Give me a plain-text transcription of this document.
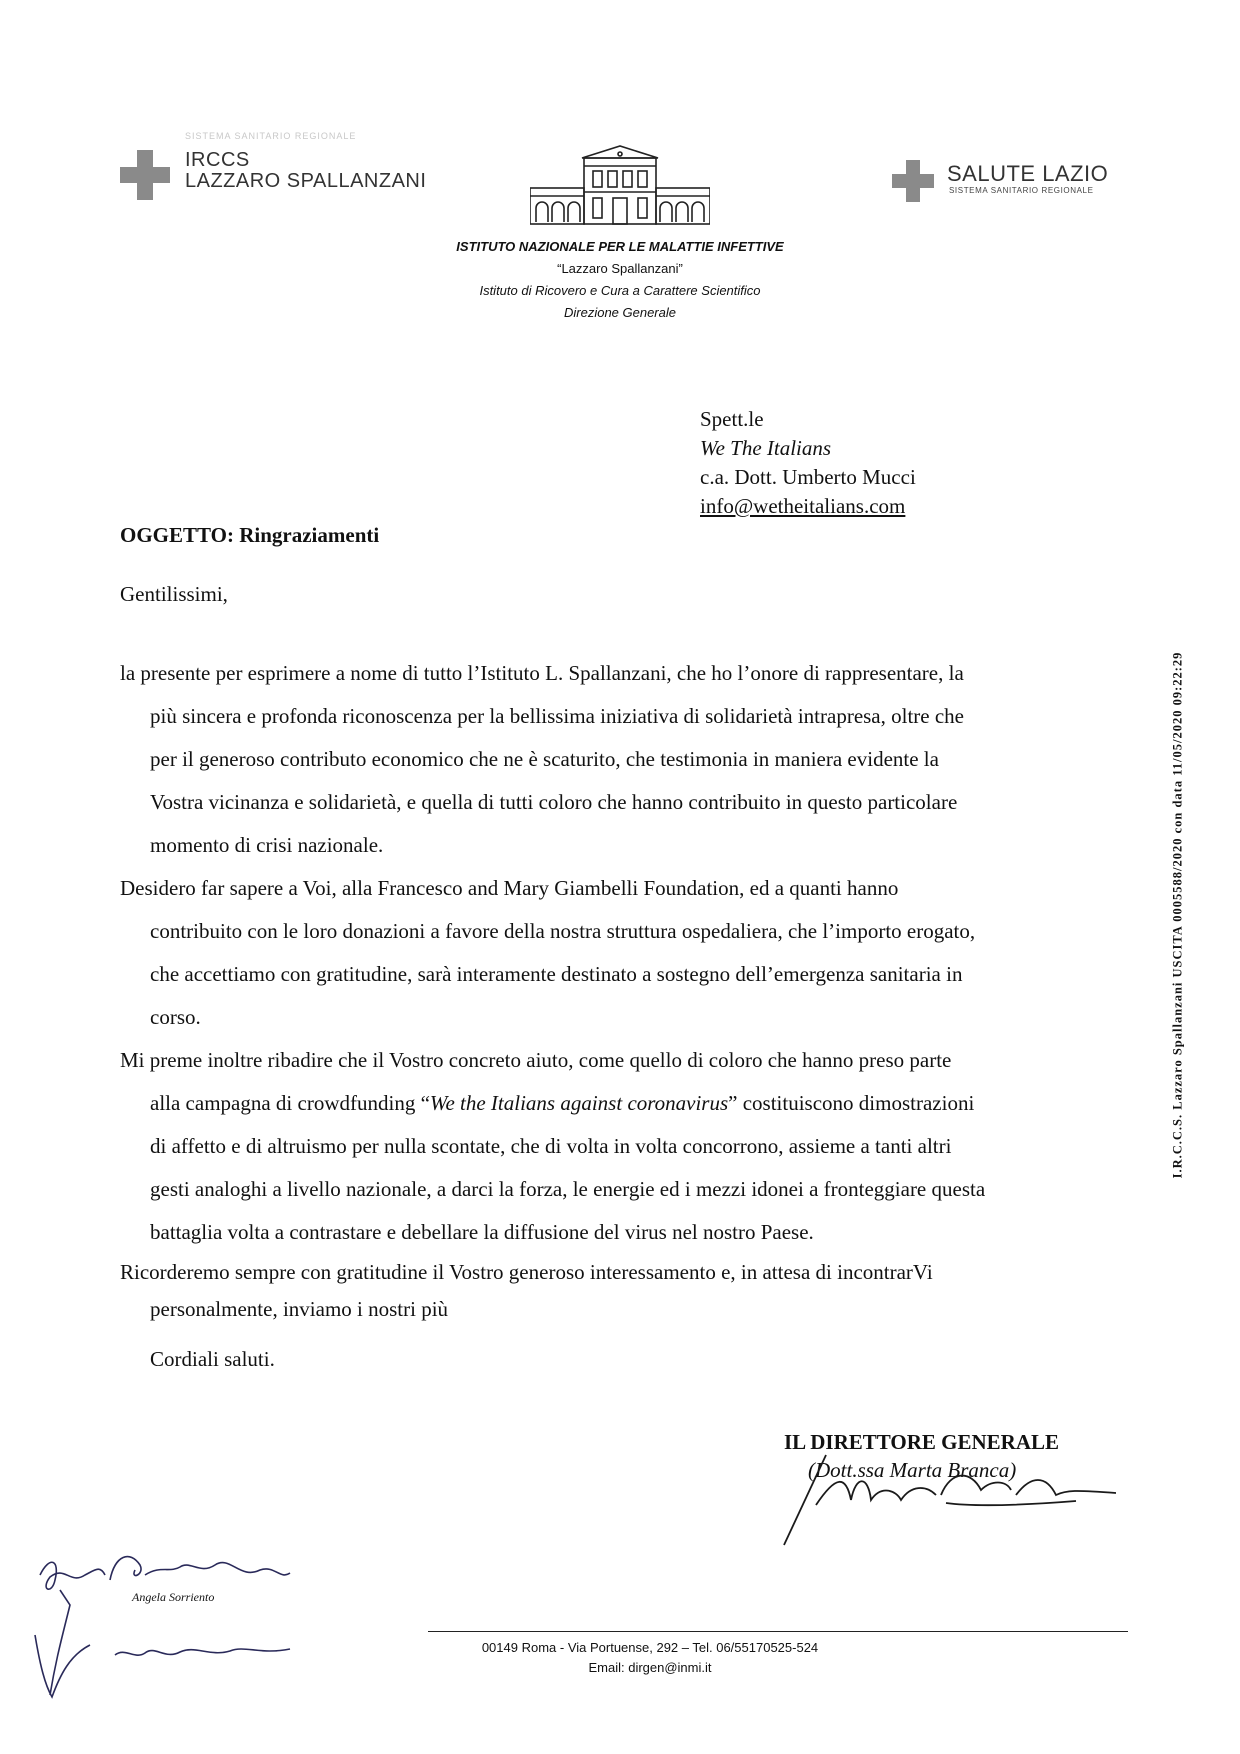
SISTEMA SANITARIO REGIONALE
IRCCS
LAZZARO SPALLANZANI	SALUTE LAZIO
SISTEMA SANITARIO REGIONALE
ISTITUTO NAZIONALE PER LE MALATTIE INFETTIVE
“Lazzaro Spallanzani”
Istituto di Ricovero e Cura a Carattere Scientifico
Direzione Generale
Spett.le
We The Italians
c.a. Dott. Umberto Mucci
info@wetheitalians.com
OGGETTO: Ringraziamenti
Gentilissimi,
la presente per esprimere a nome di tutto l’Istituto L. Spallanzani, che ho l’onore di rappresentare, la
più sincera e profonda riconoscenza per la bellissima iniziativa di solidarietà intrapresa, oltre che
per il generoso contributo economico che ne è scaturito, che testimonia in maniera evidente la
Vostra vicinanza e solidarietà, e quella di tutti coloro che hanno contribuito in questo particolare
momento di crisi nazionale.
Desidero far sapere a Voi, alla Francesco and Mary Giambelli Foundation, ed a quanti hanno
contribuito con le loro donazioni a favore della nostra struttura ospedaliera, che l’importo erogato,
che accettiamo con gratitudine, sarà interamente destinato a sostegno dell’emergenza sanitaria in
corso.
Mi preme inoltre ribadire che il Vostro concreto aiuto, come quello di coloro che hanno preso parte
alla campagna di crowdfunding “We the Italians against coronavirus” costituiscono dimostrazioni
di affetto e di altruismo per nulla scontate, che di volta in volta concorrono, assieme a tanti altri
gesti analoghi a livello nazionale, a darci la forza, le energie ed i mezzi idonei a fronteggiare questa
battaglia volta a contrastare e debellare la diffusione del virus nel nostro Paese.
Ricorderemo sempre con gratitudine il Vostro generoso interessamento e, in attesa di incontrarVi
personalmente, inviamo i nostri più
Cordiali saluti.
IL DIRETTORE GENERALE
(Dott.ssa Marta Branca)
I.R.C.C.S. Lazzaro Spallanzani USCITA 0005588/2020 con data 11/05/2020 09:22:29
Angela Sorriento
00149 Roma - Via Portuense, 292 – Tel. 06/55170525-524
Email: dirgen@inmi.it
